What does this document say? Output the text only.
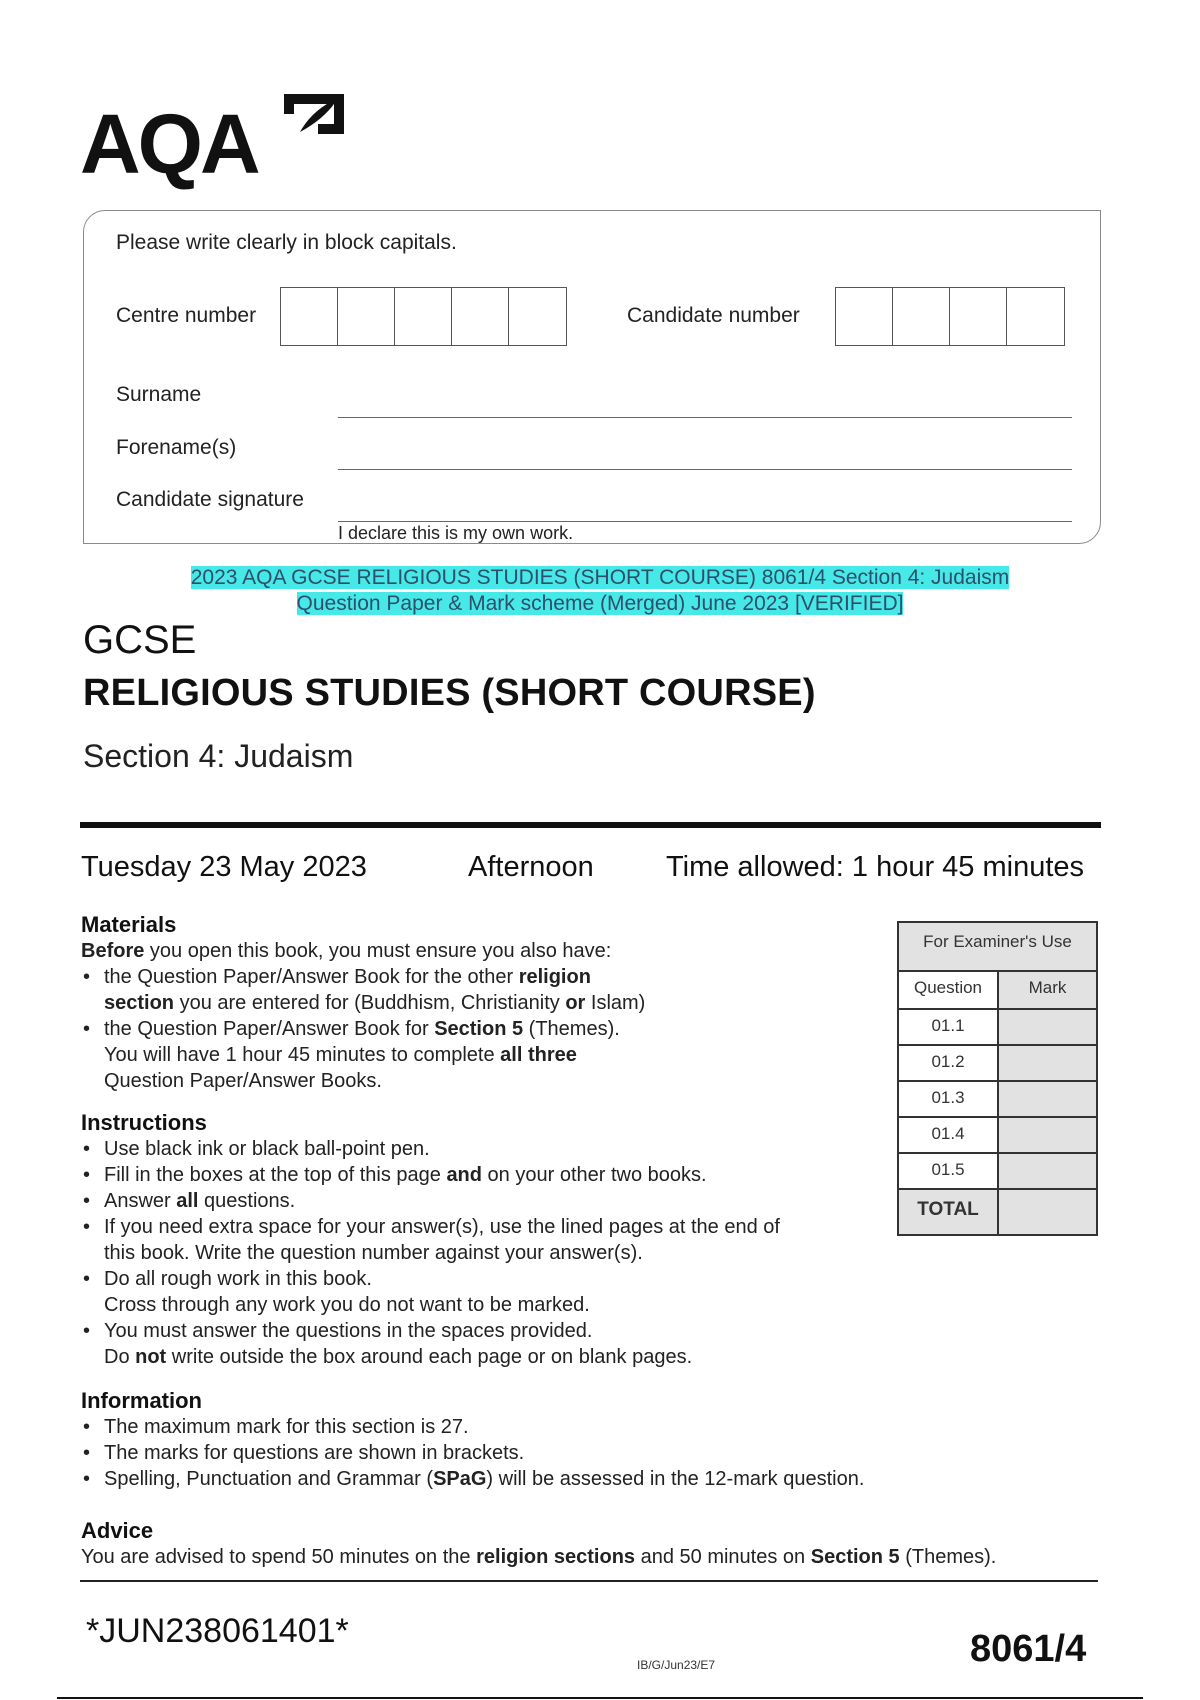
AQA
Please write clearly in block capitals.
Centre number	Candidate number
Surname
Forename(s)
Candidate signature
I declare this is my own work.
2023 AQA GCSE RELIGIOUS STUDIES (SHORT COURSE) 8061/4 Section 4: Judaism
Question Paper & Mark scheme (Merged) June 2023 [VERIFIED]
GCSE
RELIGIOUS STUDIES (SHORT COURSE)
Section 4: Judaism
Tuesday 23 May 2023	Afternoon Time allowed: 1 hour 45 minutes
Materials
Before you open this book, you must ensure you also have:
• the Question Paper/Answer Book for the other religion
section you are entered for (Buddhism, Christianity or Islam)
• the Question Paper/Answer Book for Section 5 (Themes).
You will have 1 hour 45 minutes to complete all three
Question Paper/Answer Books.
Instructions
• Use black ink or black ball-point pen.
• Fill in the boxes at the top of this page and on your other two books.
• Answer all questions.
• If you need extra space for your answer(s), use the lined pages at the end of
this book. Write the question number against your answer(s).
• Do all rough work in this book.
Cross through any work you do not want to be marked.
• You must answer the questions in the spaces provided.
Do not write outside the box around each page or on blank pages.
Information
• The maximum mark for this section is 27.
• The marks for questions are shown in brackets.
• Spelling, Punctuation and Grammar (SPaG) will be assessed in the 12-mark question.
Advice
You are advised to spend 50 minutes on the religion sections and 50 minutes on Section 5 (Themes).
For Examiner's Use
Question	Mark
01.1
01.2
01.3
01.4
01.5
TOTAL
*JUN238061401*
IB/G/Jun23/E7	8061/4
